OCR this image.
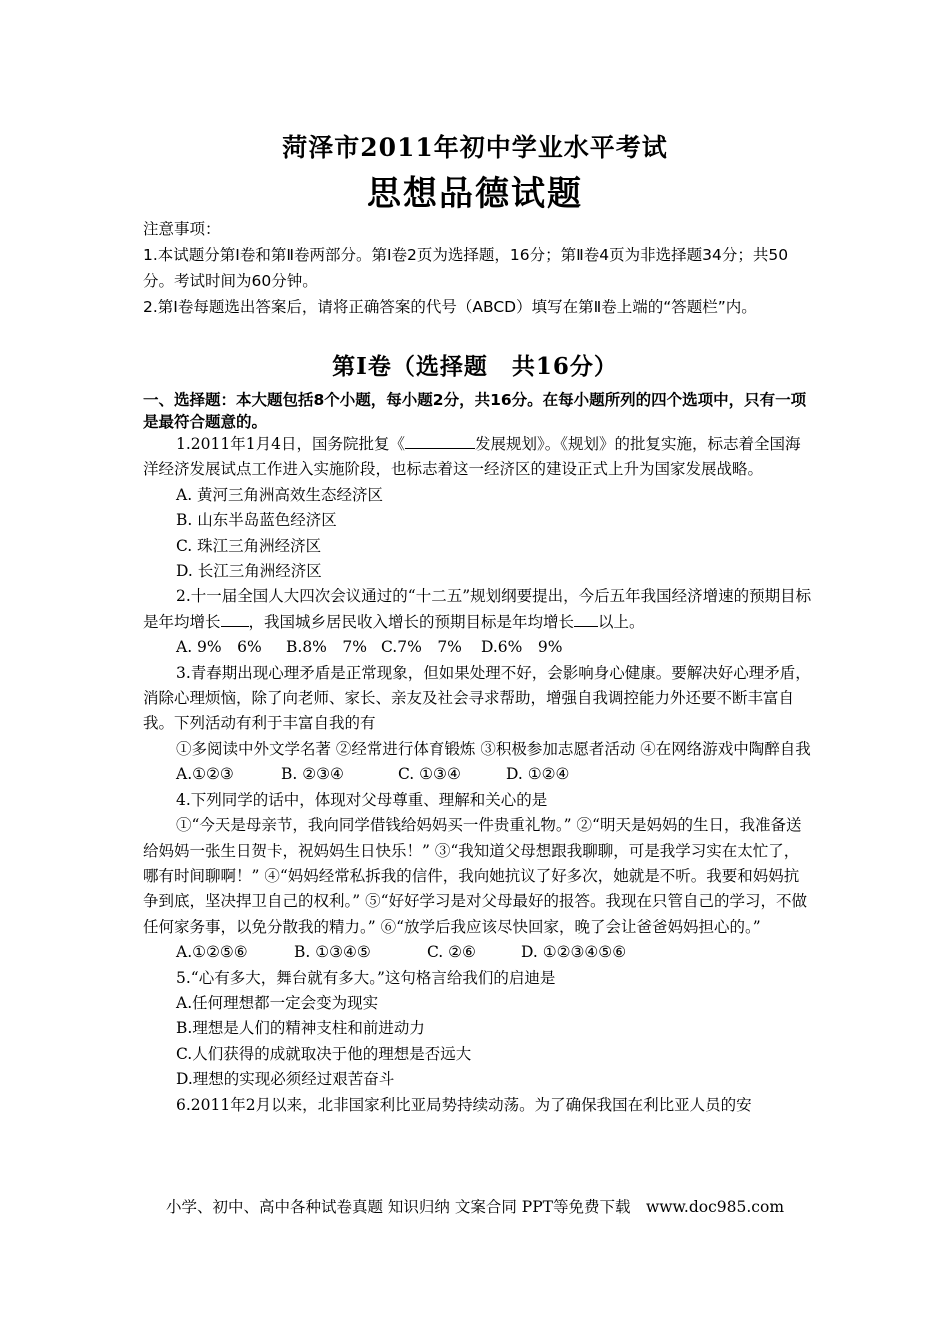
菏泽市2011年初中学业水平考试
思想品德试题

注意事项：

1.本试题分第Ⅰ卷和第Ⅱ卷两部分。第Ⅰ卷2页为选择题，16分；第Ⅱ卷4页为非选择题34分；共50分。考试时间为60分钟。

2.第Ⅰ卷每题选出答案后，请将正确答案的代号（ABCD）填写在第Ⅱ卷上端的“答题栏”内。

第Ⅰ卷（选择题　共16分）
一、选择题：本大题包括8个小题，每小题2分，共16分。在每小题所列的四个选项中，只有一项是最符合题意的。

1.2011年1月4日，国务院批复《	发展规划》。《规划》的批复实施，标志着全国海洋经济发展试点工作进入实施阶段，也标志着这一经济区的建设正式上升为国家发展战略。

A. 黄河三角洲高效生态经济区

B. 山东半岛蓝色经济区

C. 珠江三角洲经济区

D. 长江三角洲经济区

2.十一届全国人大四次会议通过的“十二五”规划纲要提出，今后五年我国经济增速的预期目标是年均增长 ，我国城乡居民收入增长的预期目标是年均增长 以上。

A. 9%　6% B.8%　7% C.7%　7% D.6%　9%

3.青春期出现心理矛盾是正常现象，但如果处理不好，会影响身心健康。要解决好心理矛盾，消除心理烦恼，除了向老师、家长、亲友及社会寻求帮助，增强自我调控能力外还要不断丰富自我。下列活动有利于丰富自我的有

①多阅读中外文学名著 ②经常进行体育锻炼 ③积极参加志愿者活动 ④在网络游戏中陶醉自我

A.①②③	B. ②③④	C. ①③④	D. ①②④

4.下列同学的话中，体现对父母尊重、理解和关心的是

①“今天是母亲节，我向同学借钱给妈妈买一件贵重礼物。” ②“明天是妈妈的生日，我准备送给妈妈一张生日贺卡，祝妈妈生日快乐！” ③“我知道父母想跟我聊聊，可是我学习实在太忙了，哪有时间聊啊！” ④“妈妈经常私拆我的信件，我向她抗议了好多次，她就是不听。我要和妈妈抗争到底，坚决捍卫自己的权利。” ⑤“好好学习是对父母最好的报答。我现在只管自己的学习，不做任何家务事，以免分散我的精力。” ⑥“放学后我应该尽快回家，晚了会让爸爸妈妈担心的。”

A.①②⑤⑥	B. ①③④⑤	C. ②⑥	D. ①②③④⑤⑥

5.“心有多大，舞台就有多大。”这句格言给我们的启迪是

A.任何理想都一定会变为现实

B.理想是人们的精神支柱和前进动力

C.人们获得的成就取决于他的理想是否远大

D.理想的实现必须经过艰苦奋斗

6.2011年2月以来，北非国家利比亚局势持续动荡。为了确保我国在利比亚人员的安

小学、初中、高中各种试卷真题 知识归纳 文案合同 PPT等免费下载　www.doc985.com
